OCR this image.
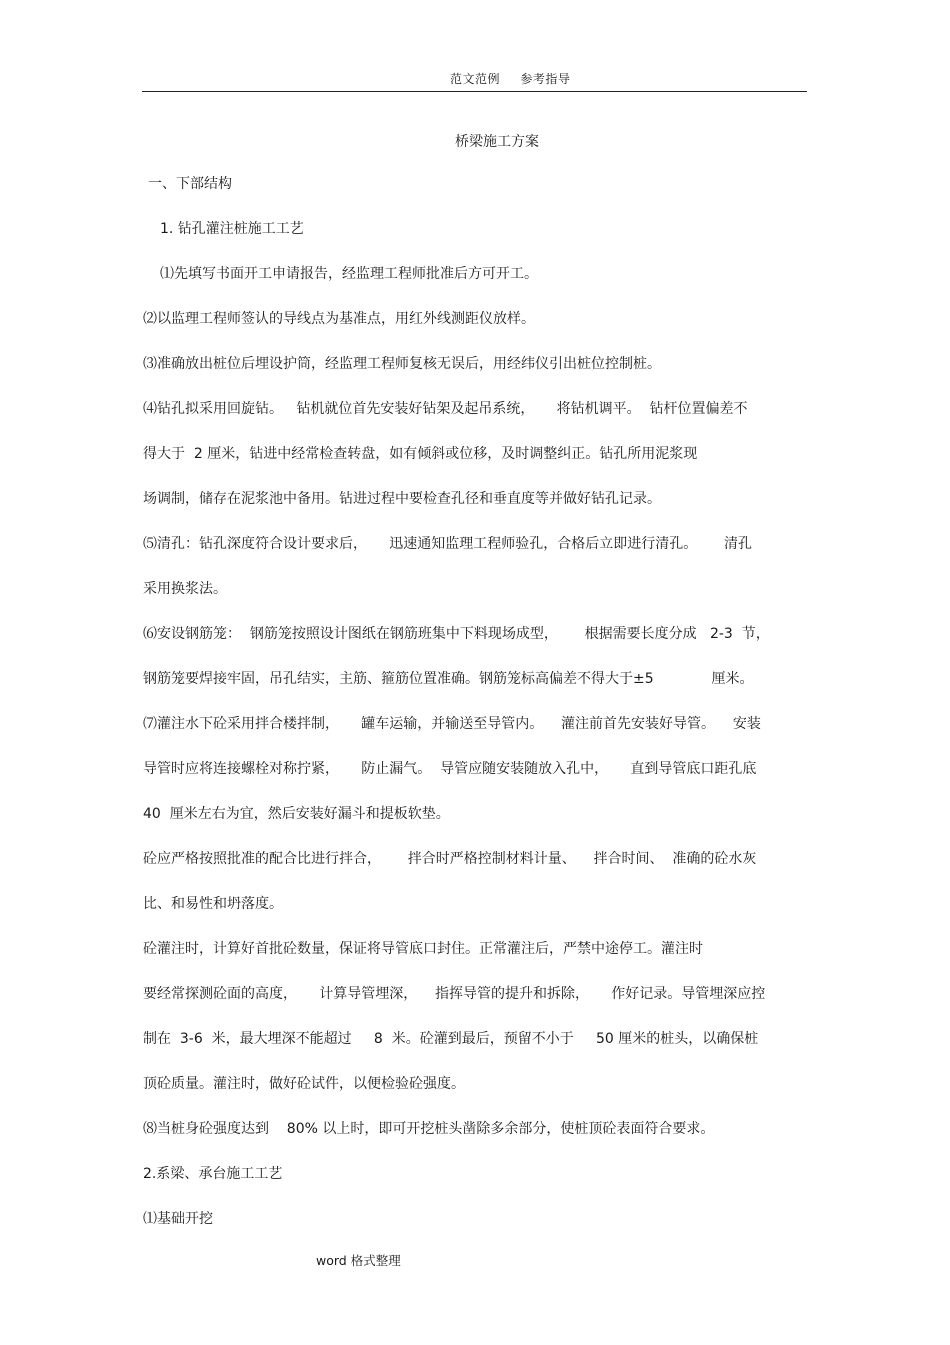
范文范例 参考指导
桥梁施工方案
一、下部结构
1. 钻孔灌注桩施工工艺
⑴先填写书面开工申请报告，经监理工程师批准后方可开工。
⑵以监理工程师签认的导线点为基准点，用红外线测距仪放样。
⑶准确放出桩位后埋设护筒，经监理工程师复核无误后，用经纬仪引出桩位控制桩。
⑷钻孔拟采用回旋钻。   钻机就位首先安装好钻架及起吊系统，     将钻机调平。  钻杆位置偏差不
得大于  2 厘米，钻进中经常检查转盘，如有倾斜或位移，及时调整纠正。钻孔所用泥浆现
场调制，储存在泥浆池中备用。钻进过程中要检查孔径和垂直度等并做好钻孔记录。
⑸清孔：钻孔深度符合设计要求后，     迅速通知监理工程师验孔，合格后立即进行清孔。      清孔
采用换浆法。
⑹安设钢筋笼：  钢筋笼按照设计图纸在钢筋班集中下料现场成型，      根据需要长度分成   2-3  节，
钢筋笼要焊接牢固，吊孔结实，主筋、箍筋位置准确。钢筋笼标高偏差不得大于±5             厘米。
⑺灌注水下砼采用拌合楼拌制，     罐车运输，并输送至导管内。    灌注前首先安装好导管。    安装
导管时应将连接螺栓对称拧紧，     防止漏气。  导管应随安装随放入孔中，     直到导管底口距孔底
40  厘米左右为宜，然后安装好漏斗和提板软垫。
砼应严格按照批准的配合比进行拌合，      拌合时严格控制材料计量、    拌合时间、  准确的砼水灰
比、和易性和坍落度。
砼灌注时，计算好首批砼数量，保证将导管底口封住。正常灌注后，严禁中途停工。灌注时
要经常探测砼面的高度，     计算导管埋深，    指挥导管的提升和拆除，     作好记录。导管埋深应控
制在  3-6  米，最大埋深不能超过     8  米。砼灌到最后，预留不小于     50 厘米的桩头，以确保桩
顶砼质量。灌注时，做好砼试件，以便检验砼强度。
⑻当桩身砼强度达到    80% 以上时，即可开挖桩头凿除多余部分，使桩顶砼表面符合要求。
2.系梁、承台施工工艺
⑴基础开挖
word 格式整理
